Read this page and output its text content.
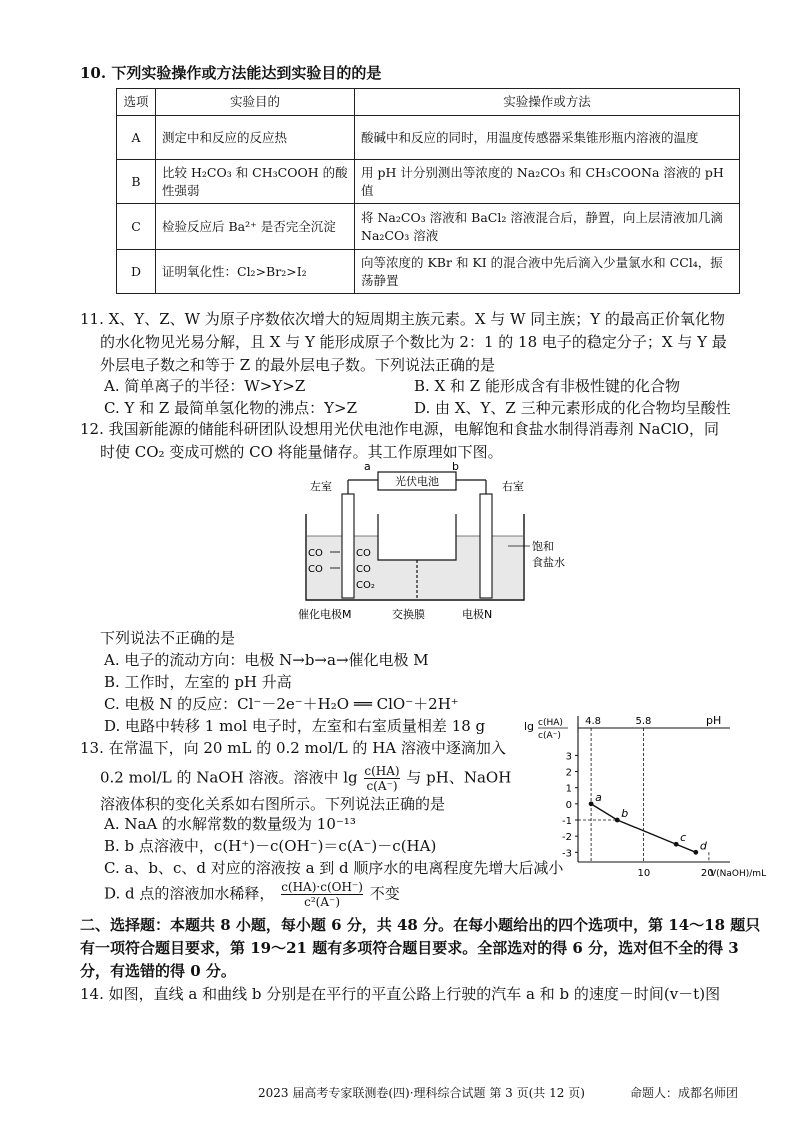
10. 下列实验操作或方法能达到实验目的的是
选项	实验目的	实验操作或方法
A	测定中和反应的反应热	酸碱中和反应的同时，用温度传感器采集锥形瓶内溶液的温度
B	比较 H₂CO₃ 和 CH₃COOH 的酸性强弱	用 pH 计分别测出等浓度的 Na₂CO₃ 和 CH₃COONa 溶液的 pH 值
C	检验反应后 Ba²⁺ 是否完全沉淀	将 Na₂CO₃ 溶液和 BaCl₂ 溶液混合后，静置，向上层清液加几滴 Na₂CO₃ 溶液
D	证明氧化性：Cl₂>Br₂>I₂	向等浓度的 KBr 和 KI 的混合液中先后滴入少量氯水和 CCl₄，振荡静置
11. X、Y、Z、W 为原子序数依次增大的短周期主族元素。X 与 W 同主族；Y 的最高正价氧化物
的水化物见光易分解，且 X 与 Y 能形成原子个数比为 2：1 的 18 电子的稳定分子；X 与 Y 最
外层电子数之和等于 Z 的最外层电子数。下列说法正确的是
A. 简单离子的半径：W>Y>Z	B. X 和 Z 能形成含有非极性键的化合物
C. Y 和 Z 最简单氢化物的沸点：Y>Z	D. 由 X、Y、Z 三种元素形成的化合物均呈酸性
12. 我国新能源的储能科研团队设想用光伏电池作电源，电解饱和食盐水制得消毒剂 NaClO，同
时使 CO₂ 变成可燃的 CO 将能量储存。其工作原理如下图。
光伏电池
a	b
左室	右室
CO
CO
CO
CO
CO₂
饱和
食盐水
催化电极M	交换膜	电极N
下列说法不正确的是
A. 电子的流动方向：电极 N→b→a→催化电极 M
B. 工作时，左室的 pH 升高
C. 电极 N 的反应：Cl⁻－2e⁻＋H₂O ══ ClO⁻＋2H⁺
D. 电路中转移 1 mol 电子时，左室和右室质量相差 18 g
13. 在常温下，向 20 mL 的 0.2 mol/L 的 HA 溶液中逐滴加入
0.2 mol/L 的 NaOH 溶液。溶液中 $\lg \frac{c(HA)}{c(A^-)}$ 与 pH、NaOH
溶液体积的变化关系如右图所示。下列说法正确的是
A. NaA 的水解常数的数量级为 10⁻¹³
B. b 点溶液中，c(H⁺)－c(OH⁻)＝c(A⁻)－c(HA)
C. a、b、c、d 对应的溶液按 a 到 d 顺序水的电离程度先增大后减小
D. d 点的溶液加水稀释， $\frac{c(HA)\cdot c(OH^-)}{\text{c²(A⁻)}}$ 不变
pH
lg c(HA)
c(A⁻)
3
2
1
0
-1
-2
-3
4.8	5.8
10	20
V(NaOH)/mL
a
b
c
d
二、选择题：本题共 8 小题，每小题 6 分，共 48 分。在每小题给出的四个选项中，第 14～18 题只
有一项符合题目要求，第 19～21 题有多项符合题目要求。全部选对的得 6 分，选对但不全的得 3
分，有选错的得 0 分。
14. 如图，直线 a 和曲线 b 分别是在平行的平直公路上行驶的汽车 a 和 b 的速度－时间(v－t)图
2023 届高考专家联测卷(四)·理科综合试题 第 3 页(共 12 页)	命题人：成都名师团
